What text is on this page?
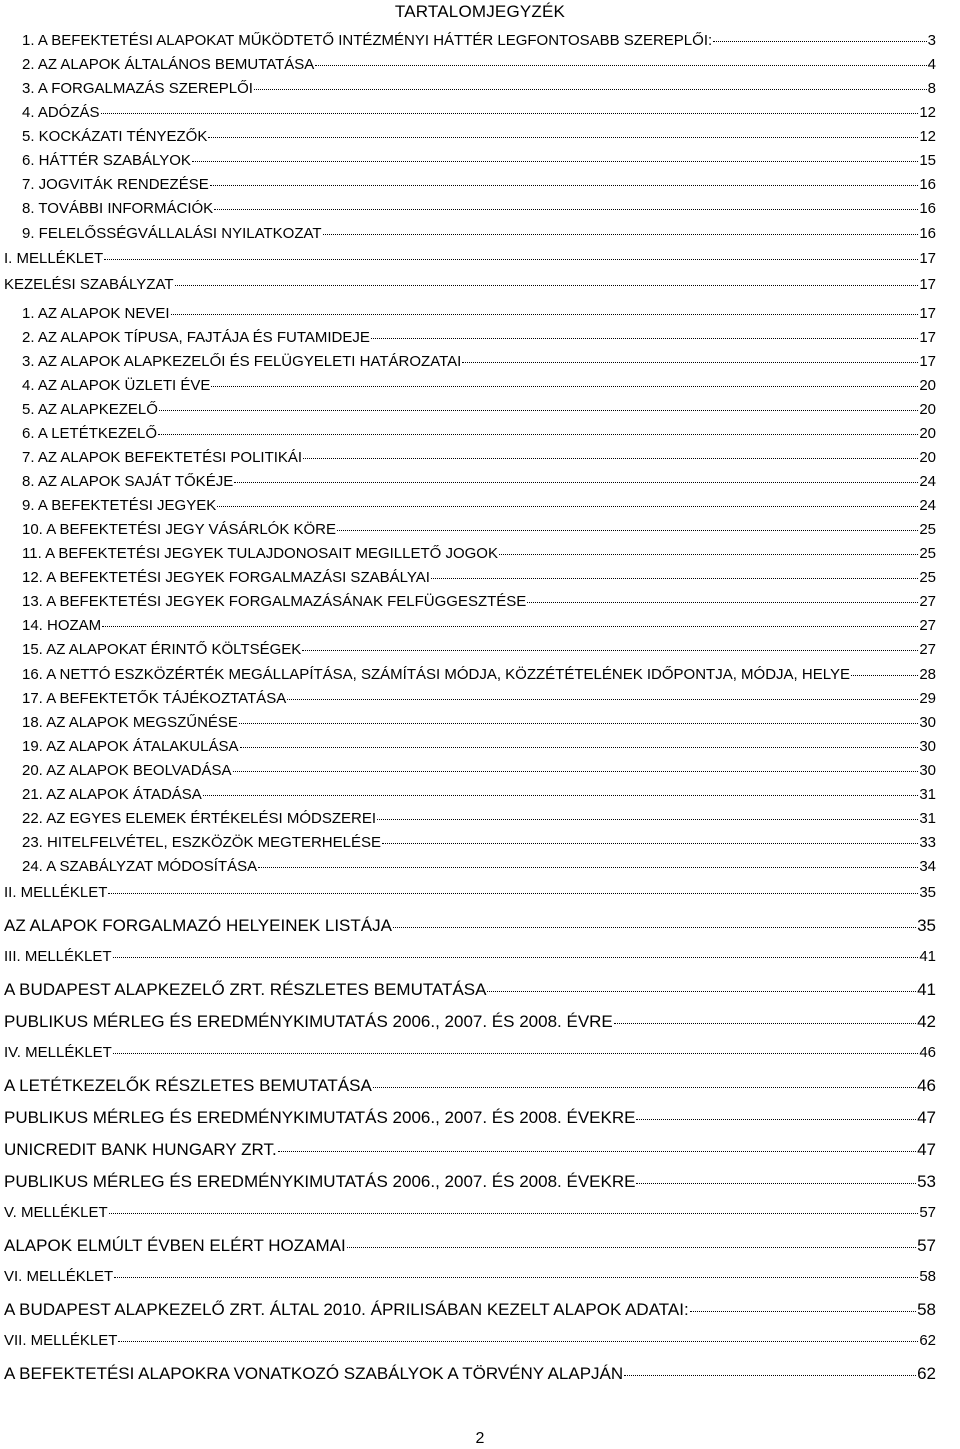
TARTALOMJEGYZÉK
1. A BEFEKTETÉSI ALAPOKAT MŰKÖDTETŐ INTÉZMÉNYI HÁTTÉR LEGFONTOSABB SZEREPLŐI:	3
2. AZ ALAPOK ÁLTALÁNOS BEMUTATÁSA	4
3. A FORGALMAZÁS SZEREPLŐI	8
4. ADÓZÁS	12
5. KOCKÁZATI TÉNYEZŐK	12
6. HÁTTÉR SZABÁLYOK	15
7. JOGVITÁK RENDEZÉSE	16
8. TOVÁBBI INFORMÁCIÓK	16
9. FELELŐSSÉGVÁLLALÁSI NYILATKOZAT	16
I. MELLÉKLET	17
KEZELÉSI SZABÁLYZAT	17
1. AZ ALAPOK NEVEI	17
2. AZ ALAPOK TÍPUSA, FAJTÁJA ÉS FUTAMIDEJE	17
3. AZ ALAPOK ALAPKEZELŐI ÉS FELÜGYELETI HATÁROZATAI	17
4. AZ ALAPOK ÜZLETI ÉVE	20
5. AZ ALAPKEZELŐ	20
6. A LETÉTKEZELŐ	20
7. AZ ALAPOK BEFEKTETÉSI POLITIKÁI	20
8. AZ ALAPOK SAJÁT TŐKÉJE	24
9. A BEFEKTETÉSI JEGYEK	24
10. A BEFEKTETÉSI JEGY VÁSÁRLÓK KÖRE	25
11. A BEFEKTETÉSI JEGYEK TULAJDONOSAIT MEGILLETŐ JOGOK	25
12. A BEFEKTETÉSI JEGYEK FORGALMAZÁSI SZABÁLYAI	25
13. A BEFEKTETÉSI JEGYEK FORGALMAZÁSÁNAK FELFÜGGESZTÉSE	27
14. HOZAM	27
15. AZ ALAPOKAT ÉRINTŐ KÖLTSÉGEK	27
16. A NETTÓ ESZKÖZÉRTÉK MEGÁLLAPÍTÁSA, SZÁMÍTÁSI MÓDJA, KÖZZÉTÉTELÉNEK IDŐPONTJA, MÓDJA, HELYE	28
17. A BEFEKTETŐK TÁJÉKOZTATÁSA	29
18. AZ ALAPOK MEGSZŰNÉSE	30
19. AZ ALAPOK ÁTALAKULÁSA	30
20. AZ ALAPOK BEOLVADÁSA	30
21. AZ ALAPOK ÁTADÁSA	31
22. AZ EGYES ELEMEK ÉRTÉKELÉSI MÓDSZEREI	31
23. HITELFELVÉTEL, ESZKÖZÖK MEGTERHELÉSE	33
24. A SZABÁLYZAT MÓDOSÍTÁSA	34
II. MELLÉKLET	35
AZ ALAPOK FORGALMAZÓ HELYEINEK LISTÁJA	35
III. MELLÉKLET	41
A BUDAPEST ALAPKEZELŐ ZRT. RÉSZLETES BEMUTATÁSA	41
PUBLIKUS MÉRLEG ÉS EREDMÉNYKIMUTATÁS 2006., 2007. ÉS 2008. ÉVRE	42
IV. MELLÉKLET	46
A LETÉTKEZELŐK RÉSZLETES BEMUTATÁSA	46
PUBLIKUS MÉRLEG ÉS EREDMÉNYKIMUTATÁS 2006., 2007. ÉS 2008. ÉVEKRE	47
UNICREDIT BANK HUNGARY ZRT.	47
PUBLIKUS MÉRLEG ÉS EREDMÉNYKIMUTATÁS 2006., 2007. ÉS 2008. ÉVEKRE	53
V. MELLÉKLET	57
ALAPOK ELMÚLT ÉVBEN ELÉRT HOZAMAI	57
VI. MELLÉKLET	58
A BUDAPEST ALAPKEZELŐ ZRT. ÁLTAL 2010. ÁPRILISÁBAN KEZELT ALAPOK ADATAI:	58
VII. MELLÉKLET	62
A BEFEKTETÉSI ALAPOKRA VONATKOZÓ SZABÁLYOK A TÖRVÉNY ALAPJÁN	62
2
